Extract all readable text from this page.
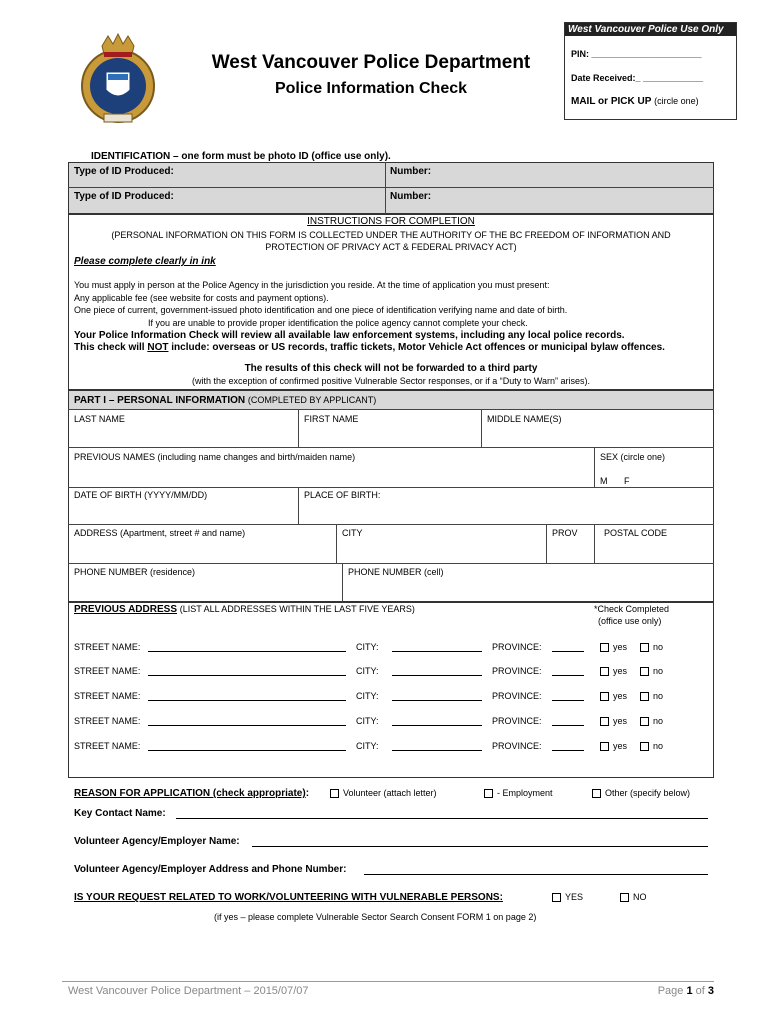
West Vancouver Police Department
Police Information Check
West Vancouver Police Use Only
PIN: ______________________
Date Received:_ ____________
MAIL or PICK UP (circle one)
IDENTIFICATION – one form must be photo ID (office use only).
Type of ID Produced:	Number:
Type of ID Produced:	Number:
INSTRUCTIONS FOR COMPLETION
(PERSONAL INFORMATION ON THIS FORM IS COLLECTED UNDER THE AUTHORITY OF THE BC FREEDOM OF INFORMATION AND
PROTECTION OF PRIVACY ACT & FEDERAL PRIVACY ACT)
Please complete clearly in ink
You must apply in person at the Police Agency in the jurisdiction you reside. At the time of application you must present:
Any applicable fee (see website for costs and payment options).
One piece of current, government-issued photo identification and one piece of identification verifying name and date of birth.
If you are unable to provide proper identification the police agency cannot complete your check.
Your Police Information Check will review all available law enforcement systems, including any local police records.
This check will NOT include: overseas or US records, traffic tickets, Motor Vehicle Act offences or municipal bylaw offences.
The results of this check will not be forwarded to a third party
(with the exception of confirmed positive Vulnerable Sector responses, or if a “Duty to Warn” arises).
PART I – PERSONAL INFORMATION (COMPLETED BY APPLICANT)
LAST NAME	FIRST NAME	MIDDLE NAME(S)
PREVIOUS NAMES (including name changes and birth/maiden name)	SEX (circle one)
M F
DATE OF BIRTH (YYYY/MM/DD)	PLACE OF BIRTH:
ADDRESS (Apartment, street # and name)	CITY	PROV	POSTAL CODE
PHONE NUMBER (residence)	PHONE NUMBER (cell)
PREVIOUS ADDRESS (LIST ALL ADDRESSES WITHIN THE LAST FIVE YEARS)	*Check Completed
(office use only)
STREET NAME:	CITY:	PROVINCE:	yes	no
STREET NAME:	CITY:	PROVINCE:	yes	no
STREET NAME:	CITY:	PROVINCE:	yes	no
STREET NAME:	CITY:	PROVINCE:	yes	no
STREET NAME:	CITY:	PROVINCE:	yes	no
REASON FOR APPLICATION (check appropriate):	Volunteer (attach letter)	- Employment	Other (specify below)
Key Contact Name:
Volunteer Agency/Employer Name:
Volunteer Agency/Employer Address and Phone Number:
IS YOUR REQUEST RELATED TO WORK/VOLUNTEERING WITH VULNERABLE PERSONS:	YES	NO
(if yes – please complete Vulnerable Sector Search Consent FORM 1 on page 2)
West Vancouver Police Department – 2015/07/07	Page 1 of 3
